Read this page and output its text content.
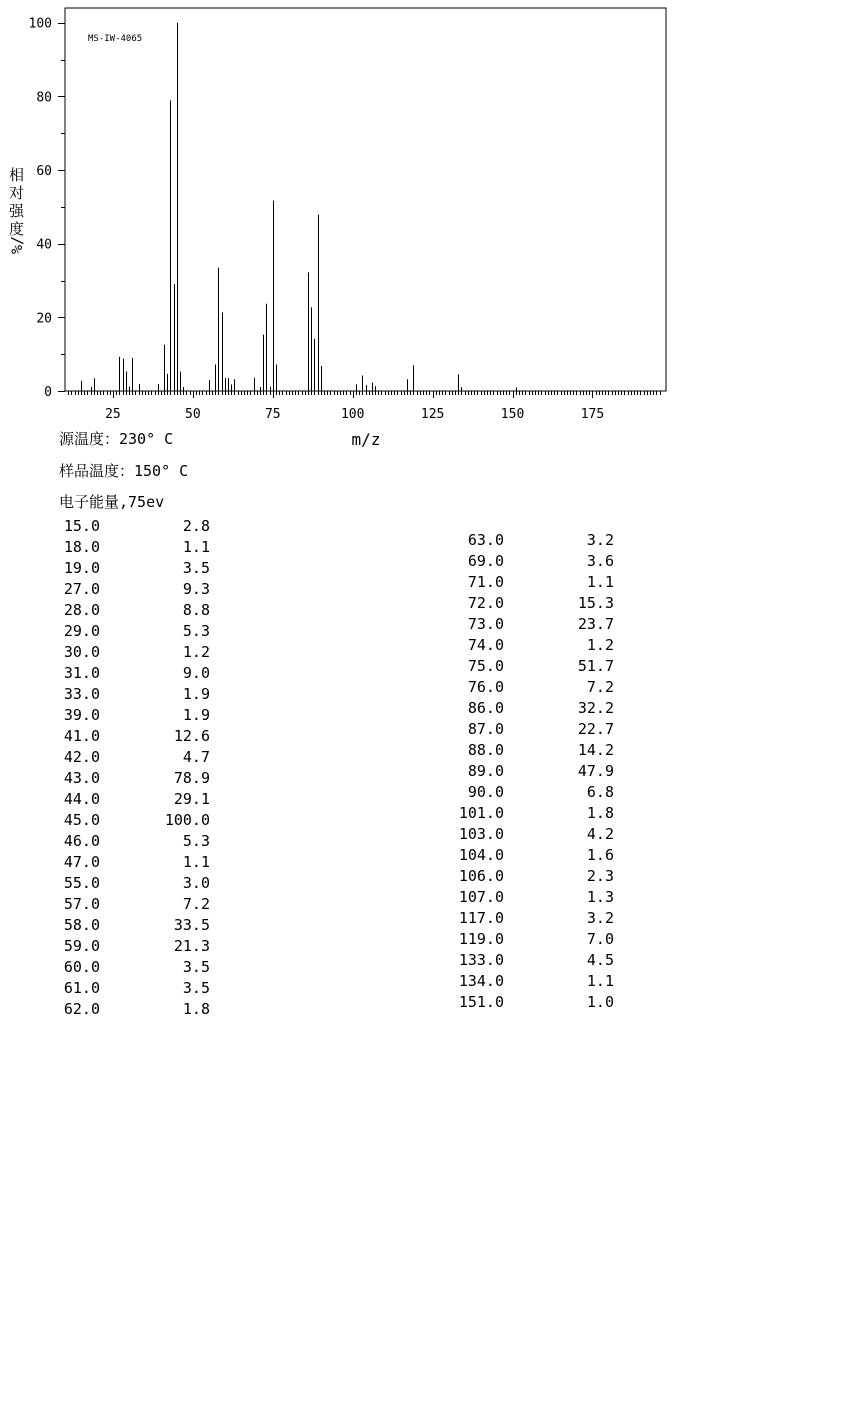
25	50	75	100	125	150	175
0
20
40
60
80
100
MS-IW-4065
相
对
强
度
%/
m/z
源温度：230° C
样品温度：150° C
电子能量,75ev
15.0	2.8
18.0	1.1
19.0	3.5
27.0	9.3
28.0	8.8
29.0	5.3
30.0	1.2
31.0	9.0
33.0	1.9
39.0	1.9
41.0	12.6
42.0	4.7
43.0	78.9
44.0	29.1
45.0	100.0
46.0	5.3
47.0	1.1
55.0	3.0
57.0	7.2
58.0	33.5
59.0	21.3
60.0	3.5
61.0	3.5
62.0	1.8
63.0	3.2
69.0	3.6
71.0	1.1
72.0	15.3
73.0	23.7
74.0	1.2
75.0	51.7
76.0	7.2
86.0	32.2
87.0	22.7
88.0	14.2
89.0	47.9
90.0	6.8
101.0	1.8
103.0	4.2
104.0	1.6
106.0	2.3
107.0	1.3
117.0	3.2
119.0	7.0
133.0	4.5
134.0	1.1
151.0	1.0
